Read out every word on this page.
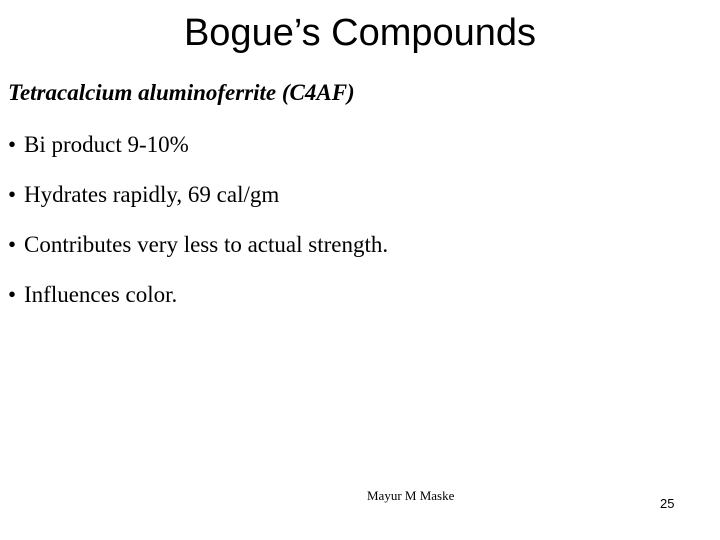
Bogue’s Compounds
Tetracalcium aluminoferrite (C4AF)
• Bi product 9-10%
• Hydrates rapidly, 69 cal/gm
• Contributes very less to actual strength.
• Influences color.
Mayur M Maske
25
